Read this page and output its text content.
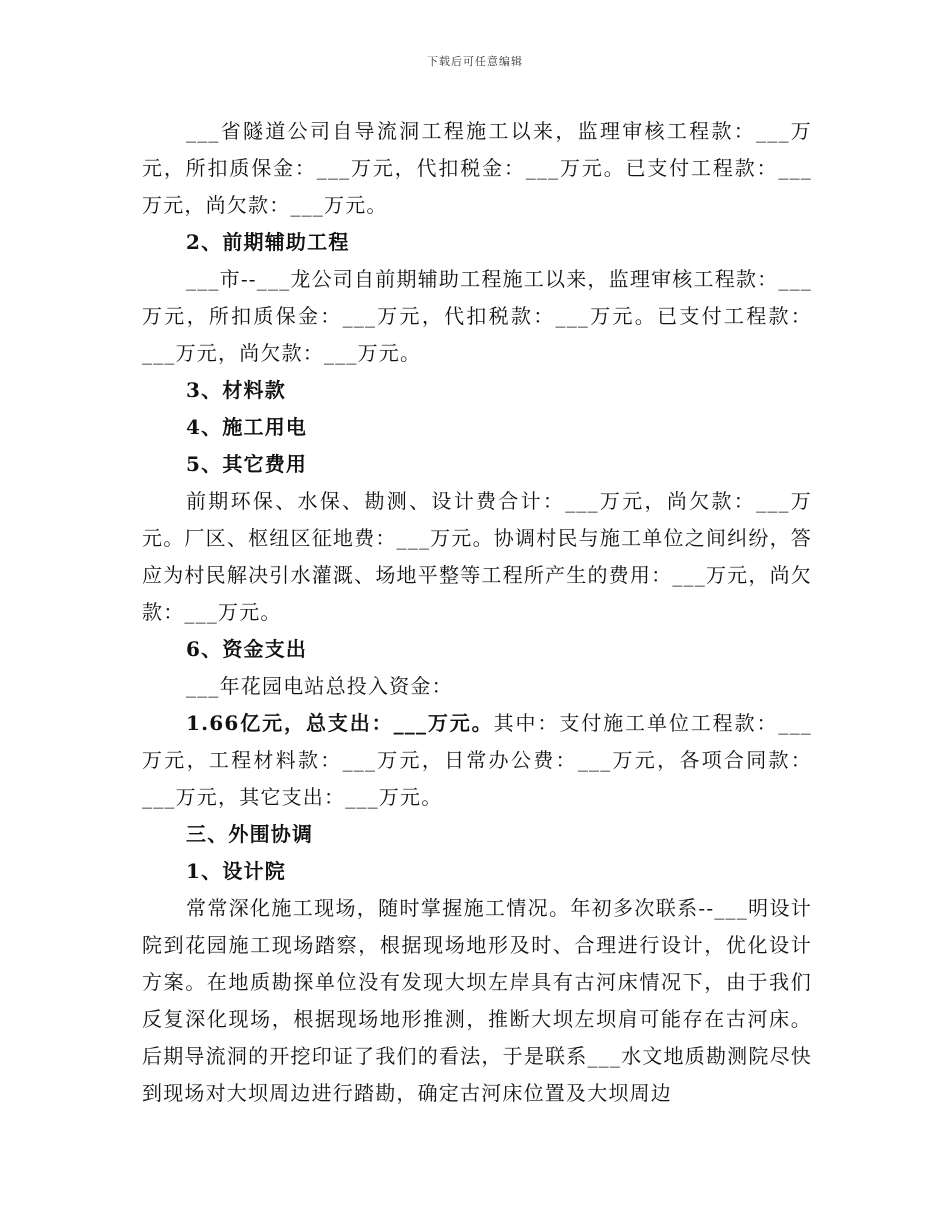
下载后可任意编辑

___省隧道公司自导流洞工程施工以来，监理审核工程款：___万元，所扣质保金：___万元，代扣税金：___万元。已支付工程款：___万元，尚欠款：___万元。

2、前期辅助工程

___市--___龙公司自前期辅助工程施工以来，监理审核工程款：___万元，所扣质保金：___万元，代扣税款：___万元。已支付工程款：___万元，尚欠款：___万元。

3、材料款

4、施工用电

5、其它费用

前期环保、水保、勘测、设计费合计：___万元，尚欠款：___万元。厂区、枢纽区征地费：___万元。协调村民与施工单位之间纠纷，答应为村民解决引水灌溉、场地平整等工程所产生的费用：___万元，尚欠款：___万元。

6、资金支出

___年花园电站总投入资金：

1.66亿元，总支出：___万元。其中：支付施工单位工程款：___万元，工程材料款：___万元，日常办公费：___万元，各项合同款：___万元，其它支出：___万元。

三、外围协调

1、设计院

常常深化施工现场，随时掌握施工情况。年初多次联系--___明设计院到花园施工现场踏察，根据现场地形及时、合理进行设计，优化设计方案。在地质勘探单位没有发现大坝左岸具有古河床情况下，由于我们反复深化现场，根据现场地形推测，推断大坝左坝肩可能存在古河床。后期导流洞的开挖印证了我们的看法，于是联系___水文地质勘测院尽快到现场对大坝周边进行踏勘，确定古河床位置及大坝周边
